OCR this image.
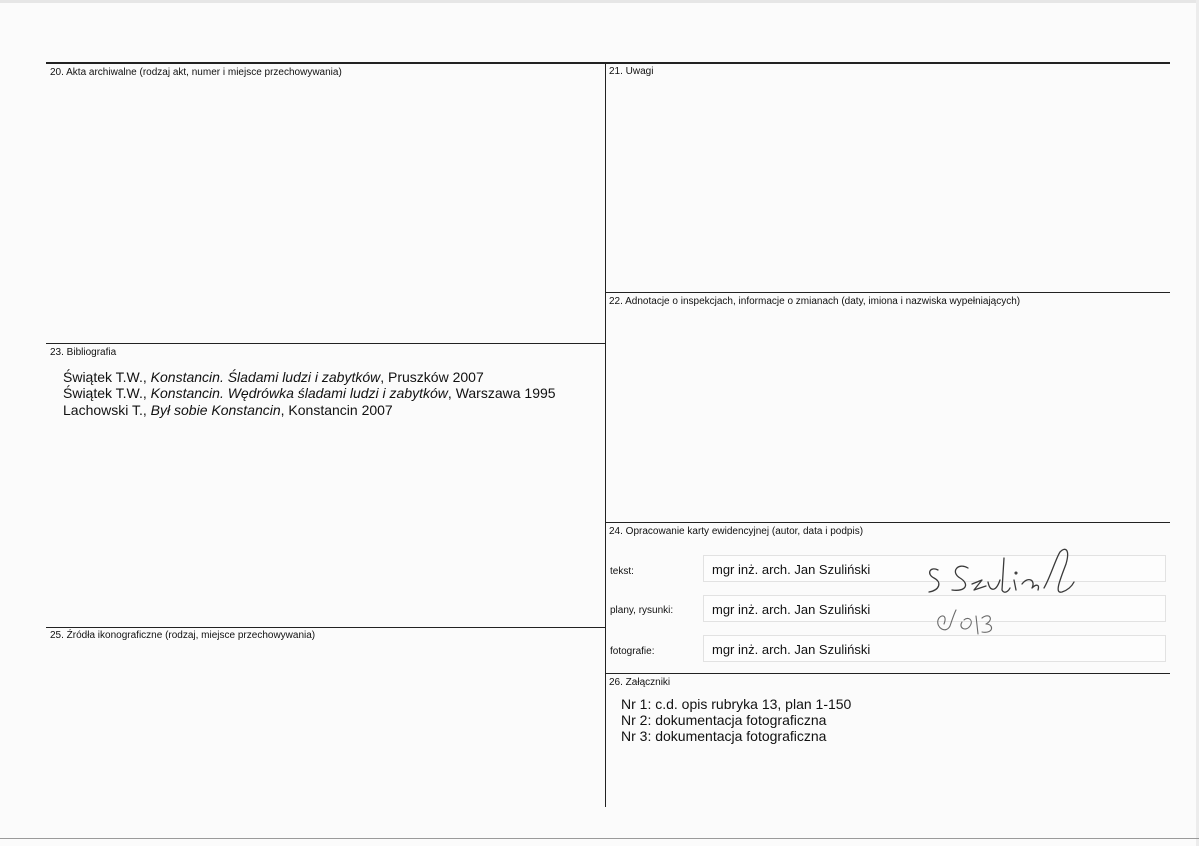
20. Akta archiwalne (rodzaj akt, numer i miejsce przechowywania)	21. Uwagi
22. Adnotacje o inspekcjach, informacje o zmianach (daty, imiona i nazwiska wypełniających)
23. Bibliografia
24. Opracowanie karty ewidencyjnej (autor, data i podpis)
25. Źródła ikonograficzne (rodzaj, miejsce przechowywania)
26. Załączniki
Świątek T.W., Konstancin. Śladami ludzi i zabytków, Pruszków 2007
Świątek T.W., Konstancin. Wędrówka śladami ludzi i zabytków, Warszawa 1995
Lachowski T., Był sobie Konstancin, Konstancin 2007
tekst:	mgr inż. arch. Jan Szuliński
plany, rysunki:	mgr inż. arch. Jan Szuliński
fotografie:	mgr inż. arch. Jan Szuliński
Nr 1: c.d. opis rubryka 13, plan 1-150
Nr 2: dokumentacja fotograficzna
Nr 3: dokumentacja fotograficzna
